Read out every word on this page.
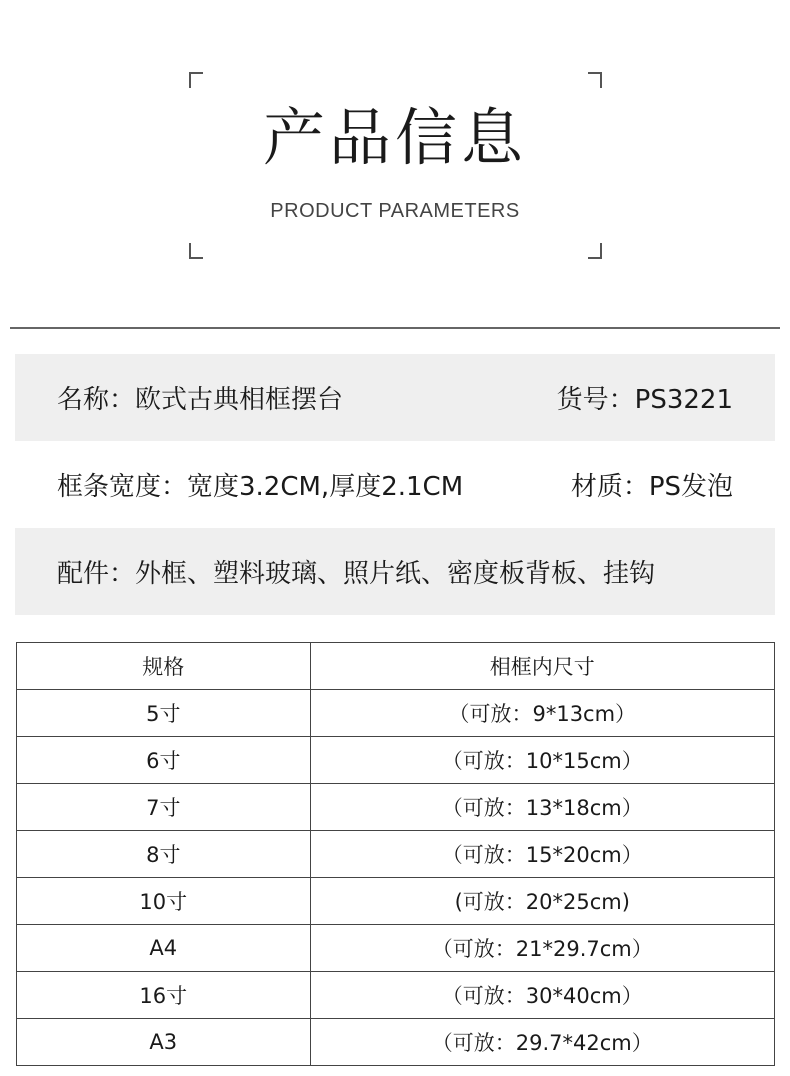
产品信息
PRODUCT PARAMETERS
名称：欧式古典相框摆台	货号：PS3221
框条宽度：宽度3.2CM,厚度2.1CM	材质：PS发泡
配件：外框、塑料玻璃、照片纸、密度板背板、挂钩
规格	相框内尺寸
5寸	（可放：9*13cm）
6寸	（可放：10*15cm）
7寸	（可放：13*18cm）
8寸	（可放：15*20cm）
10寸	(可放：20*25cm)
A4	（可放：21*29.7cm）
16寸	（可放：30*40cm）
A3	（可放：29.7*42cm）
